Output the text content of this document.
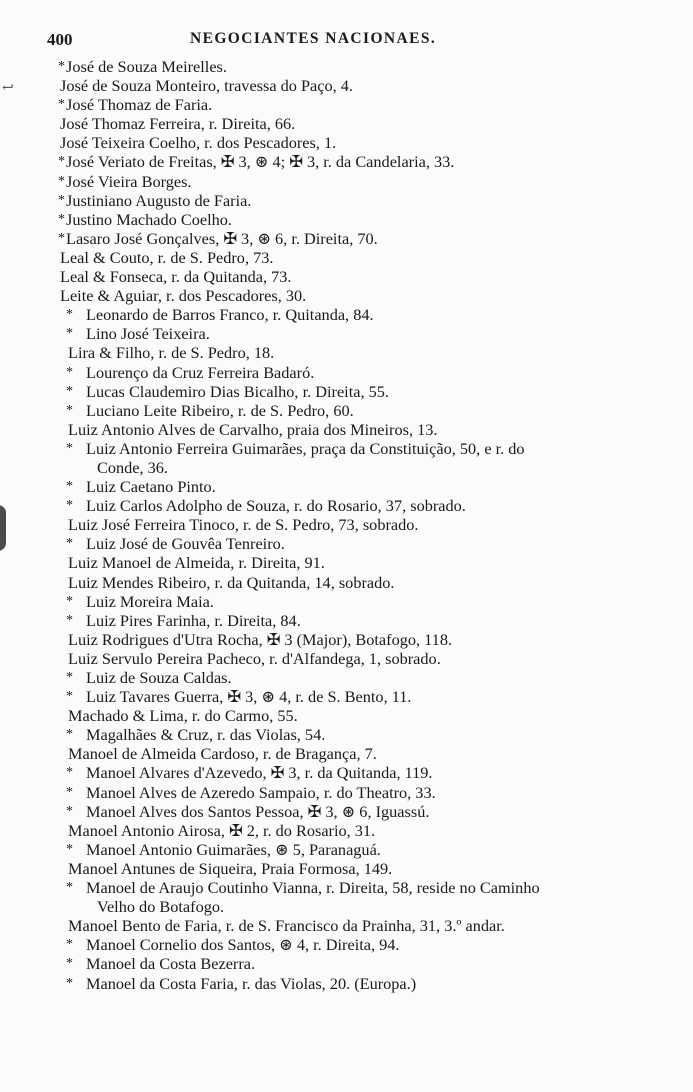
400	NEGOCIANTES NACIONAES.
↩
* José de Souza Meirelles.
José de Souza Monteiro, travessa do Paço, 4.
* José Thomaz de Faria.
José Thomaz Ferreira, r. Direita, 66.
José Teixeira Coelho, r. dos Pescadores, 1.
* José Veriato de Freitas, ✠ 3, ⊛ 4; ✠ 3, r. da Candelaria, 33.
* José Vieira Borges.
* Justiniano Augusto de Faria.
* Justino Machado Coelho.
* Lasaro José Gonçalves, ✠ 3, ⊛ 6, r. Direita, 70.
Leal & Couto, r. de S. Pedro, 73.
Leal & Fonseca, r. da Quitanda, 73.
Leite & Aguiar, r. dos Pescadores, 30.
* Leonardo de Barros Franco, r. Quitanda, 84.
* Lino José Teixeira.
Lira & Filho, r. de S. Pedro, 18.
* Lourenço da Cruz Ferreira Badaró.
* Lucas Claudemiro Dias Bicalho, r. Direita, 55.
* Luciano Leite Ribeiro, r. de S. Pedro, 60.
Luiz Antonio Alves de Carvalho, praia dos Mineiros, 13.
* Luiz Antonio Ferreira Guimarães, praça da Constituição, 50, e r. do
Conde, 36.
* Luiz Caetano Pinto.
* Luiz Carlos Adolpho de Souza, r. do Rosario, 37, sobrado.
Luiz José Ferreira Tinoco, r. de S. Pedro, 73, sobrado.
* Luiz José de Gouvêa Tenreiro.
Luiz Manoel de Almeida, r. Direita, 91.
Luiz Mendes Ribeiro, r. da Quitanda, 14, sobrado.
* Luiz Moreira Maia.
* Luiz Pires Farinha, r. Direita, 84.
Luiz Rodrigues d'Utra Rocha, ✠ 3 (Major), Botafogo, 118.
Luiz Servulo Pereira Pacheco, r. d'Alfandega, 1, sobrado.
* Luiz de Souza Caldas.
* Luiz Tavares Guerra, ✠ 3, ⊛ 4, r. de S. Bento, 11.
Machado & Lima, r. do Carmo, 55.
* Magalhães & Cruz, r. das Violas, 54.
Manoel de Almeida Cardoso, r. de Bragança, 7.
* Manoel Alvares d'Azevedo, ✠ 3, r. da Quitanda, 119.
* Manoel Alves de Azeredo Sampaio, r. do Theatro, 33.
* Manoel Alves dos Santos Pessoa, ✠ 3, ⊛ 6, Iguassú.
Manoel Antonio Airosa, ✠ 2, r. do Rosario, 31.
* Manoel Antonio Guimarães, ⊛ 5, Paranaguá.
Manoel Antunes de Siqueira, Praia Formosa, 149.
* Manoel de Araujo Coutinho Vianna, r. Direita, 58, reside no Caminho
Velho do Botafogo.
Manoel Bento de Faria, r. de S. Francisco da Prainha, 31, 3.º andar.
* Manoel Cornelio dos Santos, ⊛ 4, r. Direita, 94.
* Manoel da Costa Bezerra.
* Manoel da Costa Faria, r. das Violas, 20. (Europa.)
